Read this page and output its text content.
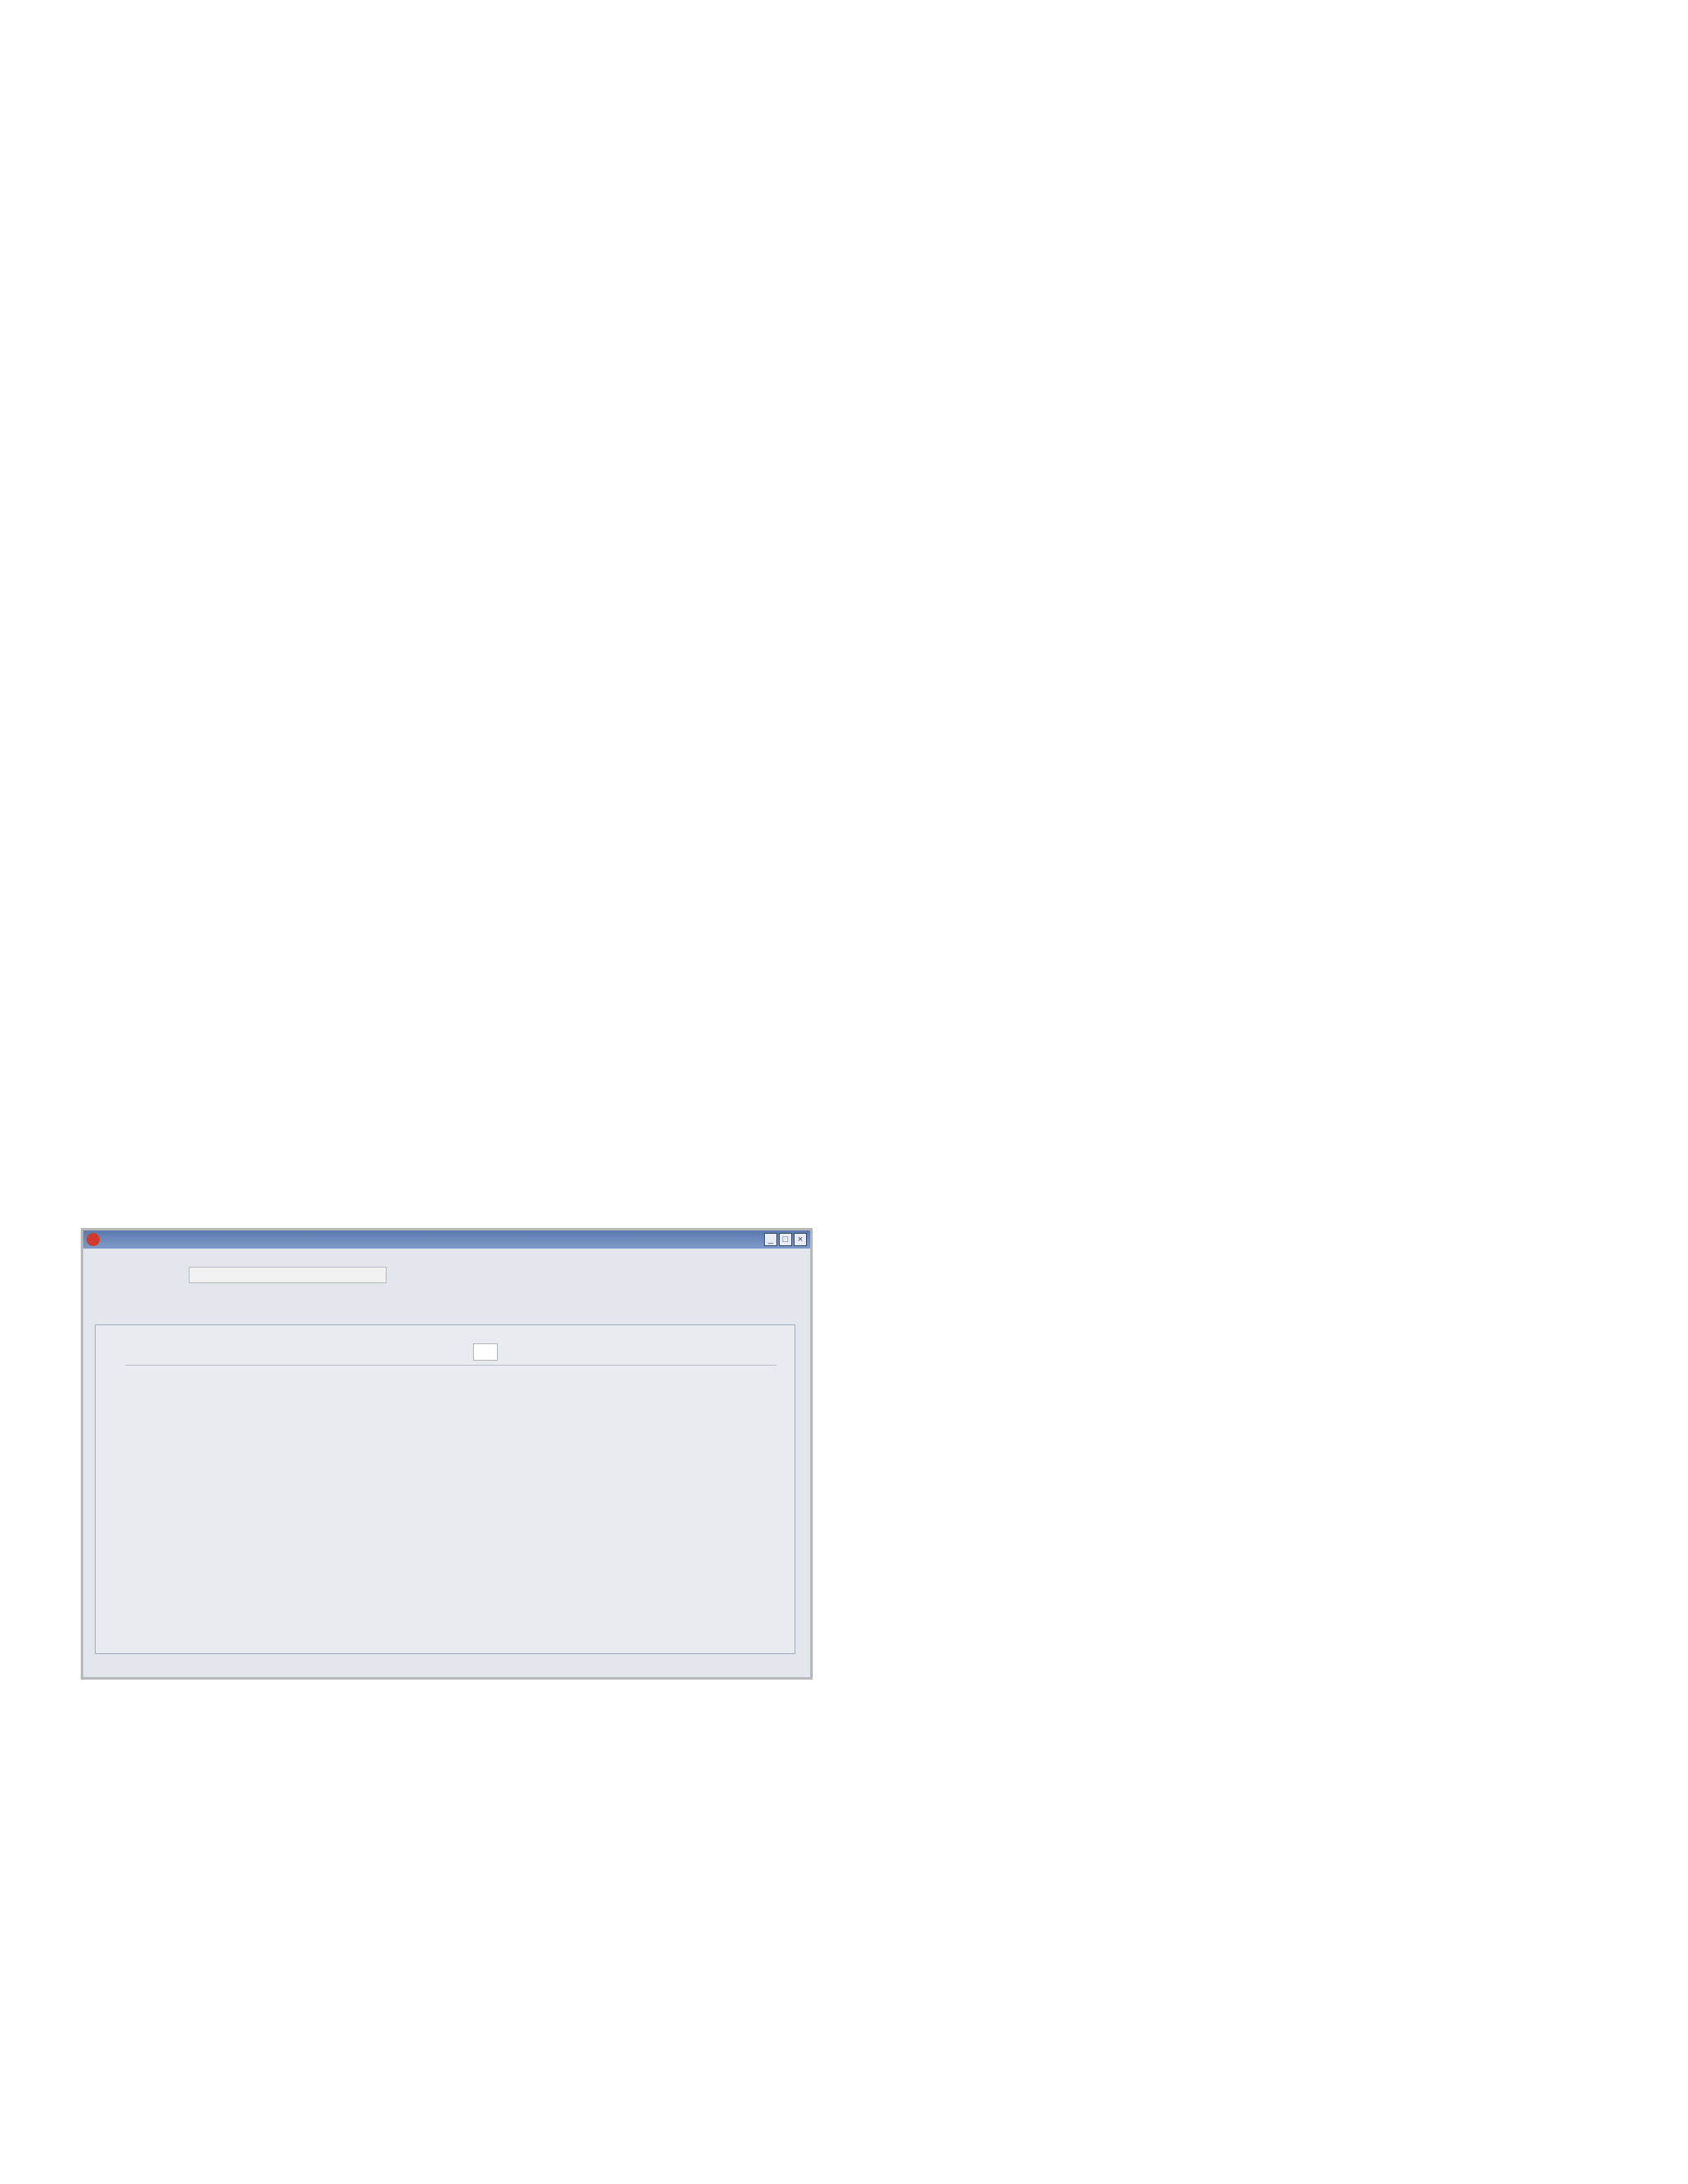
_	□	×
